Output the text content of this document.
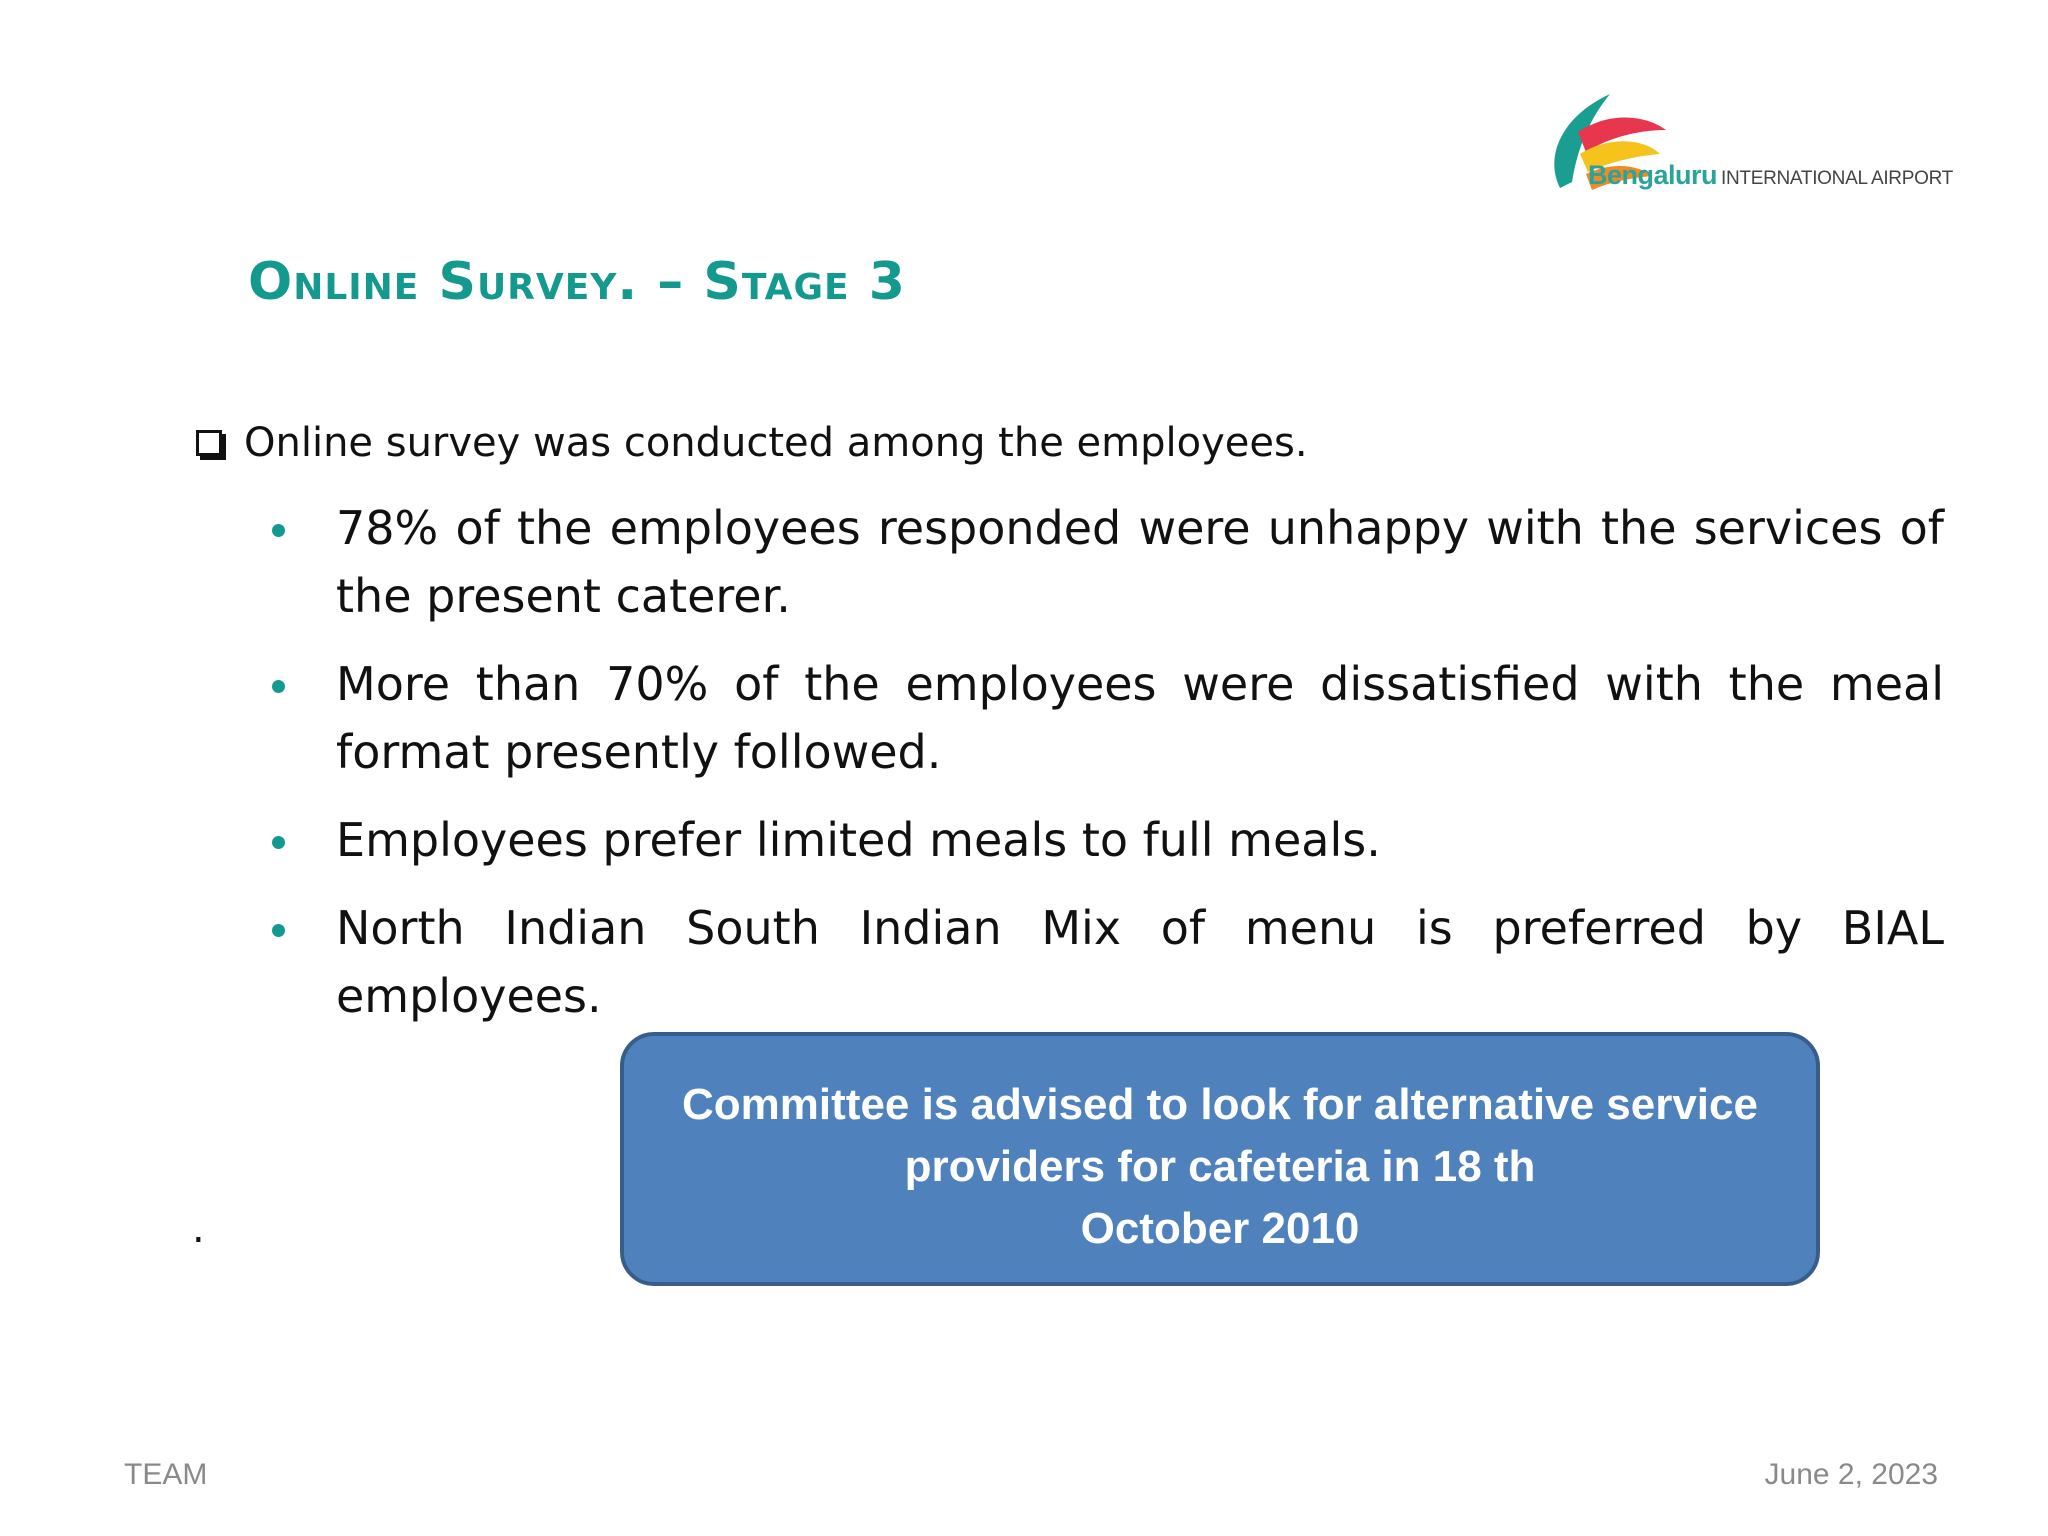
Bengaluru INTERNATIONAL AIRPORT
Online Survey. – Stage 3
Online survey was conducted among the employees.
78% of the employees responded were unhappy with the services of the present caterer.
More than 70% of the employees were dissatisfied with the meal format presently followed.
Employees prefer limited meals to full meals.
North Indian South Indian Mix of menu is preferred by BIAL employees.
.
Committee is advised to look for alternative service
providers for cafeteria in 18 th
October 2010
TEAM	June 2, 2023
